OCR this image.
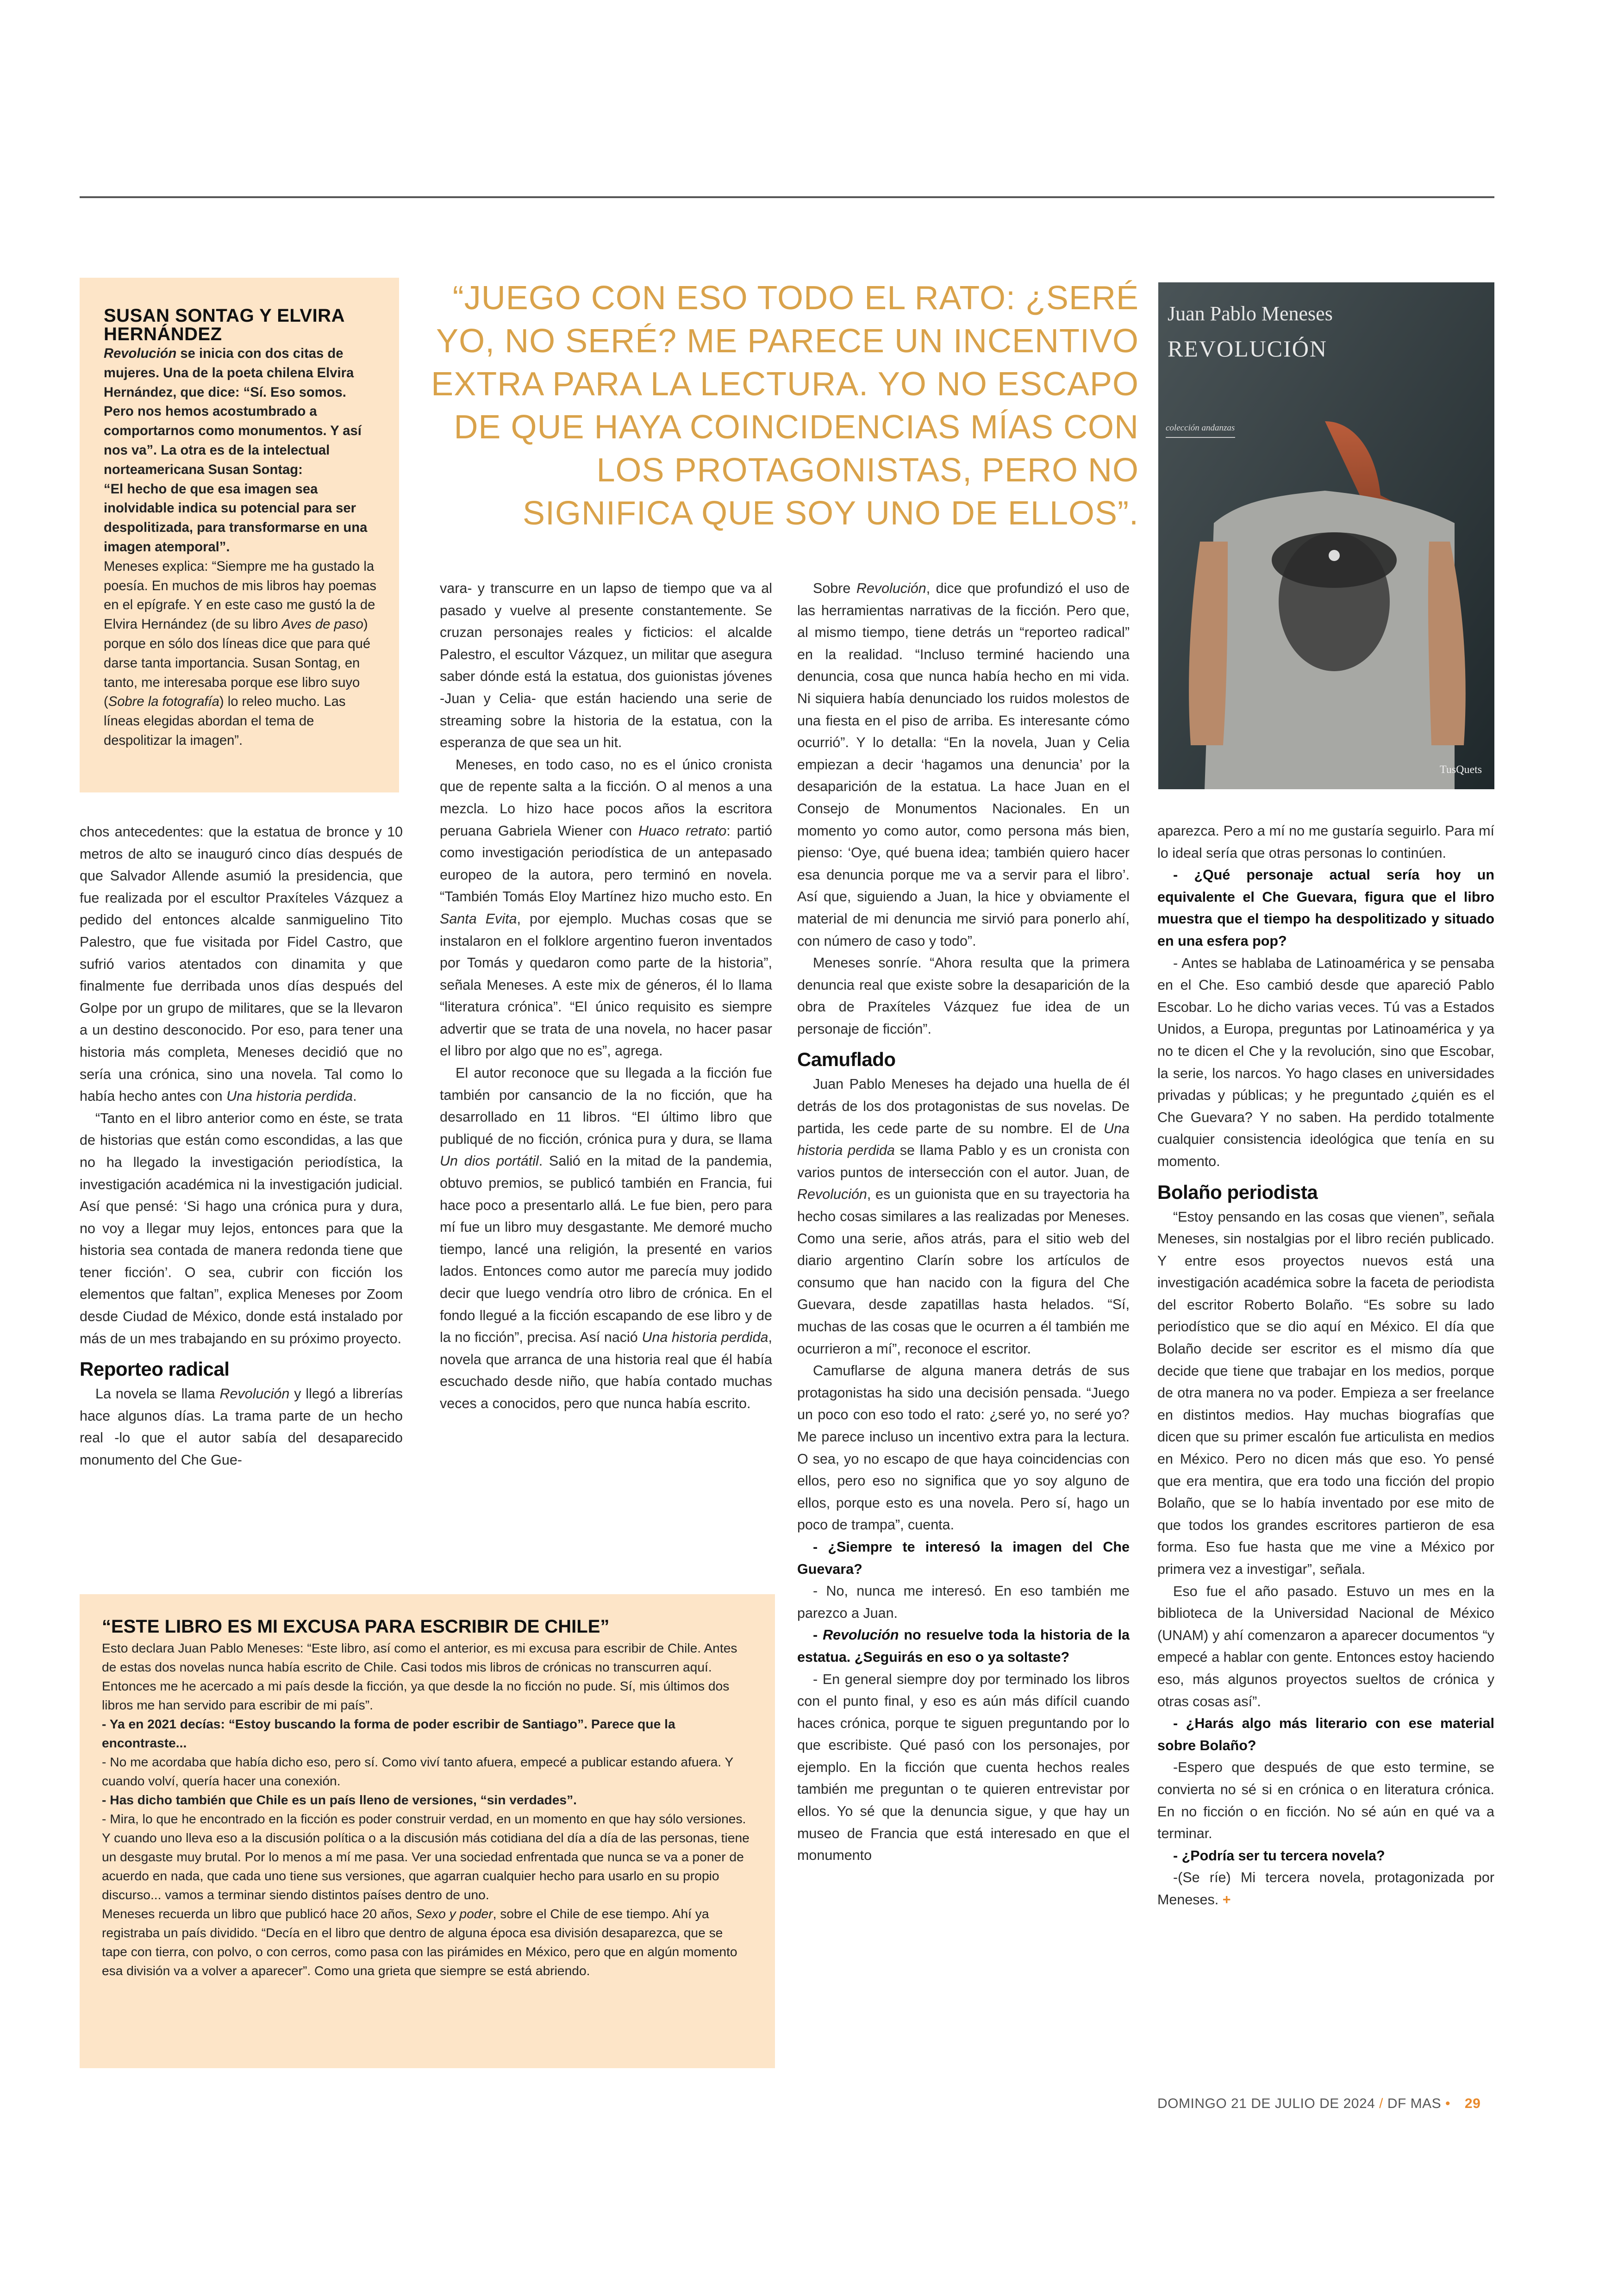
SUSAN SONTAG Y ELVIRA HERNÁNDEZ

Revolución se inicia con dos citas de mujeres. Una de la poeta chilena Elvira Hernández, que dice: “Sí. Eso somos. Pero nos hemos acostumbrado a comportarnos como monumentos. Y así nos va”. La otra es de la intelectual norteamericana Susan Sontag:

“El hecho de que esa imagen sea inolvidable indica su potencial para ser despolitizada, para transformarse en una imagen atemporal”.

Meneses explica: “Siempre me ha gustado la poesía. En muchos de mis libros hay poemas en el epígrafe. Y en este caso me gustó la de Elvira Hernández (de su libro Aves de paso) porque en sólo dos líneas dice que para qué darse tanta importancia. Susan Sontag, en tanto, me interesaba porque ese libro suyo (Sobre la fotografía) lo releo mucho. Las líneas elegidas abordan el tema de despolitizar la imagen”.

“JUEGO CON ESO TODO EL RATO: ¿SERÉ YO, NO SERÉ? ME PARECE UN INCENTIVO EXTRA PARA LA LECTURA. YO NO ESCAPO DE QUE HAYA COINCIDENCIAS MÍAS CON LOS PROTAGONISTAS, PERO NO SIGNIFICA QUE SOY UNO DE ELLOS”.
Juan Pablo Meneses
REVOLUCIÓN
colección andanzas
TusQuets

chos antecedentes: que la estatua de bronce y 10 metros de alto se inauguró cinco días después de que Salvador Allende asumió la presidencia, que fue realizada por el escultor Praxíteles Vázquez a pedido del entonces alcalde sanmiguelino Tito Palestro, que fue visitada por Fidel Castro, que sufrió varios atentados con dinamita y que finalmente fue derribada unos días después del Golpe por un grupo de militares, que se la llevaron a un destino desconocido. Por eso, para tener una historia más completa, Meneses decidió que no sería una crónica, sino una novela. Tal como lo había hecho antes con Una historia perdida.

“Tanto en el libro anterior como en éste, se trata de historias que están como escondidas, a las que no ha llegado la investigación periodística, la investigación académica ni la investigación judicial. Así que pensé: ‘Si hago una crónica pura y dura, no voy a llegar muy lejos, entonces para que la historia sea contada de manera redonda tiene que tener ficción’. O sea, cubrir con ficción los elementos que faltan”, explica Meneses por Zoom desde Ciudad de México, donde está instalado por más de un mes trabajando en su próximo proyecto.

Reporteo radical

La novela se llama Revolución y llegó a librerías hace algunos días. La trama parte de un hecho real -lo que el autor sabía del desaparecido monumento del Che Gue-

vara- y transcurre en un lapso de tiempo que va al pasado y vuelve al presente constantemente. Se cruzan personajes reales y ficticios: el alcalde Palestro, el escultor Vázquez, un militar que asegura saber dónde está la estatua, dos guionistas jóvenes -Juan y Celia- que están haciendo una serie de streaming sobre la historia de la estatua, con la esperanza de que sea un hit.

Meneses, en todo caso, no es el único cronista que de repente salta a la ficción. O al menos a una mezcla. Lo hizo hace pocos años la escritora peruana Gabriela Wiener con Huaco retrato: partió como investigación periodística de un antepasado europeo de la autora, pero terminó en novela. “También Tomás Eloy Martínez hizo mucho esto. En Santa Evita, por ejemplo. Muchas cosas que se instalaron en el folklore argentino fueron inventados por Tomás y quedaron como parte de la historia”, señala Meneses. A este mix de géneros, él lo llama “literatura crónica”. “El único requisito es siempre advertir que se trata de una novela, no hacer pasar el libro por algo que no es”, agrega.

El autor reconoce que su llegada a la ficción fue también por cansancio de la no ficción, que ha desarrollado en 11 libros. “El último libro que publiqué de no ficción, crónica pura y dura, se llama Un dios portátil. Salió en la mitad de la pandemia, obtuvo premios, se publicó también en Francia, fui hace poco a presentarlo allá. Le fue bien, pero para mí fue un libro muy desgastante. Me demoré mucho tiempo, lancé una religión, la presenté en varios lados. Entonces como autor me parecía muy jodido decir que luego vendría otro libro de crónica. En el fondo llegué a la ficción escapando de ese libro y de la no ficción”, precisa. Así nació Una historia perdida, novela que arranca de una historia real que él había escuchado desde niño, que había contado muchas veces a conocidos, pero que nunca había escrito.

Sobre Revolución, dice que profundizó el uso de las herramientas narrativas de la ficción. Pero que, al mismo tiempo, tiene detrás un “reporteo radical” en la realidad. “Incluso terminé haciendo una denuncia, cosa que nunca había hecho en mi vida. Ni siquiera había denunciado los ruidos molestos de una fiesta en el piso de arriba. Es interesante cómo ocurrió”. Y lo detalla: “En la novela, Juan y Celia empiezan a decir ‘hagamos una denuncia’ por la desaparición de la estatua. La hace Juan en el Consejo de Monumentos Nacionales. En un momento yo como autor, como persona más bien, pienso: ‘Oye, qué buena idea; también quiero hacer esa denuncia porque me va a servir para el libro’. Así que, siguiendo a Juan, la hice y obviamente el material de mi denuncia me sirvió para ponerlo ahí, con número de caso y todo”.

Meneses sonríe. “Ahora resulta que la primera denuncia real que existe sobre la desaparición de la obra de Praxíteles Vázquez fue idea de un personaje de ficción”.

Camuflado

Juan Pablo Meneses ha dejado una huella de él detrás de los dos protagonistas de sus novelas. De partida, les cede parte de su nombre. El de Una historia perdida se llama Pablo y es un cronista con varios puntos de intersección con el autor. Juan, de Revolución, es un guionista que en su trayectoria ha hecho cosas similares a las realizadas por Meneses. Como una serie, años atrás, para el sitio web del diario argentino Clarín sobre los artículos de consumo que han nacido con la figura del Che Guevara, desde zapatillas hasta helados. “Sí, muchas de las cosas que le ocurren a él también me ocurrieron a mí”, reconoce el escritor.

Camuflarse de alguna manera detrás de sus protagonistas ha sido una decisión pensada. “Juego un poco con eso todo el rato: ¿seré yo, no seré yo? Me parece incluso un incentivo extra para la lectura. O sea, yo no escapo de que haya coincidencias con ellos, pero eso no significa que yo soy alguno de ellos, porque esto es una novela. Pero sí, hago un poco de trampa”, cuenta.

- ¿Siempre te interesó la imagen del Che Guevara?

- No, nunca me interesó. En eso también me parezco a Juan.

- Revolución no resuelve toda la historia de la estatua. ¿Seguirás en eso o ya soltaste?

- En general siempre doy por terminado los libros con el punto final, y eso es aún más difícil cuando haces crónica, porque te siguen preguntando por lo que escribiste. Qué pasó con los personajes, por ejemplo. En la ficción que cuenta hechos reales también me preguntan o te quieren entrevistar por ellos. Yo sé que la denuncia sigue, y que hay un museo de Francia que está interesado en que el monumento

aparezca. Pero a mí no me gustaría seguirlo. Para mí lo ideal sería que otras personas lo continúen.

- ¿Qué personaje actual sería hoy un equivalente el Che Guevara, figura que el libro muestra que el tiempo ha despolitizado y situado en una esfera pop?

- Antes se hablaba de Latinoamérica y se pensaba en el Che. Eso cambió desde que apareció Pablo Escobar. Lo he dicho varias veces. Tú vas a Estados Unidos, a Europa, preguntas por Latinoamérica y ya no te dicen el Che y la revolución, sino que Escobar, la serie, los narcos. Yo hago clases en universidades privadas y públicas; y he preguntado ¿quién es el Che Guevara? Y no saben. Ha perdido totalmente cualquier consistencia ideológica que tenía en su momento.

Bolaño periodista

“Estoy pensando en las cosas que vienen”, señala Meneses, sin nostalgias por el libro recién publicado. Y entre esos proyectos nuevos está una investigación académica sobre la faceta de periodista del escritor Roberto Bolaño. “Es sobre su lado periodístico que se dio aquí en México. El día que Bolaño decide ser escritor es el mismo día que decide que tiene que trabajar en los medios, porque de otra manera no va poder. Empieza a ser freelance en distintos medios. Hay muchas biografías que dicen que su primer escalón fue articulista en medios en México. Pero no dicen más que eso. Yo pensé que era mentira, que era todo una ficción del propio Bolaño, que se lo había inventado por ese mito de que todos los grandes escritores partieron de esa forma. Eso fue hasta que me vine a México por primera vez a investigar”, señala.

Eso fue el año pasado. Estuvo un mes en la biblioteca de la Universidad Nacional de México (UNAM) y ahí comenzaron a aparecer documentos “y empecé a hablar con gente. Entonces estoy haciendo eso, más algunos proyectos sueltos de crónica y otras cosas así”.

- ¿Harás algo más literario con ese material sobre Bolaño?

-Espero que después de que esto termine, se convierta no sé si en crónica o en literatura crónica. En no ficción o en ficción. No sé aún en qué va a terminar.

- ¿Podría ser tu tercera novela?

-(Se ríe) Mi tercera novela, protagonizada por Meneses. +

“ESTE LIBRO ES MI EXCUSA PARA ESCRIBIR DE CHILE”

Esto declara Juan Pablo Meneses: “Este libro, así como el anterior, es mi excusa para escribir de Chile. Antes de estas dos novelas nunca había escrito de Chile. Casi todos mis libros de crónicas no transcurren aquí. Entonces me he acercado a mi país desde la ficción, ya que desde la no ficción no pude. Sí, mis últimos dos libros me han servido para escribir de mi país”.

- Ya en 2021 decías: “Estoy buscando la forma de poder escribir de Santiago”. Parece que la encontraste...

- No me acordaba que había dicho eso, pero sí. Como viví tanto afuera, empecé a publicar estando afuera. Y cuando volví, quería hacer una conexión.

- Has dicho también que Chile es un país lleno de versiones, “sin verdades”.

- Mira, lo que he encontrado en la ficción es poder construir verdad, en un momento en que hay sólo versiones. Y cuando uno lleva eso a la discusión política o a la discusión más cotidiana del día a día de las personas, tiene un desgaste muy brutal. Por lo menos a mí me pasa. Ver una sociedad enfrentada que nunca se va a poner de acuerdo en nada, que cada uno tiene sus versiones, que agarran cualquier hecho para usarlo en su propio discurso... vamos a terminar siendo distintos países dentro de uno.

Meneses recuerda un libro que publicó hace 20 años, Sexo y poder, sobre el Chile de ese tiempo. Ahí ya registraba un país dividido. “Decía en el libro que dentro de alguna época esa división desaparezca, que se tape con tierra, con polvo, o con cerros, como pasa con las pirámides en México, pero que en algún momento esa división va a volver a aparecer”. Como una grieta que siempre se está abriendo.

DOMINGO 21 DE JULIO DE 2024 / DF MAS • 29
